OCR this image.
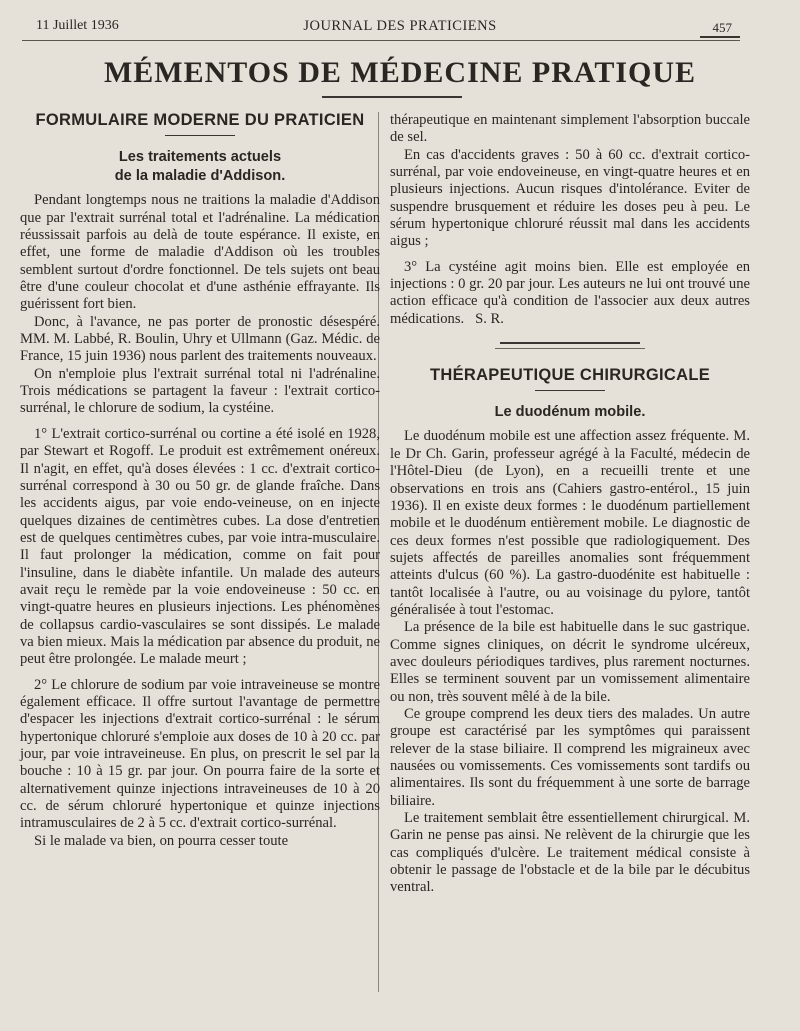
11 Juillet 1936	JOURNAL DES PRATICIENS	457
MÉMENTOS DE MÉDECINE PRATIQUE
FORMULAIRE MODERNE DU PRATICIEN
Les traitements actuels
de la maladie d'Addison.

Pendant longtemps nous ne traitions la maladie d'Addison que par l'extrait surrénal total et l'adrénaline. La médication réussissait parfois au delà de toute espérance. Il existe, en effet, une forme de maladie d'Addison où les troubles semblent surtout d'ordre fonctionnel. De tels sujets ont beau être d'une couleur chocolat et d'une asthénie effrayante. Ils guérissent fort bien.

Donc, à l'avance, ne pas porter de pronostic désespéré. MM. M. Labbé, R. Boulin, Uhry et Ullmann (Gaz. Médic. de France, 15 juin 1936) nous parlent des traitements nouveaux.

On n'emploie plus l'extrait surrénal total ni l'adrénaline. Trois médications se partagent la faveur : l'extrait cortico-surrénal, le chlorure de sodium, la cystéine.

1° L'extrait cortico-surrénal ou cortine a été isolé en 1928, par Stewart et Rogoff. Le produit est extrêmement onéreux. Il n'agit, en effet, qu'à doses élevées : 1 cc. d'extrait cortico-surrénal correspond à 30 ou 50 gr. de glande fraîche. Dans les accidents aigus, par voie endo-veineuse, on en injecte quelques dizaines de centimètres cubes. La dose d'entretien est de quelques centimètres cubes, par voie intra-musculaire. Il faut prolonger la médication, comme on fait pour l'insuline, dans le diabète infantile. Un malade des auteurs avait reçu le remède par la voie endoveineuse : 50 cc. en vingt-quatre heures en plusieurs injections. Les phénomènes de collapsus cardio-vasculaires se sont dissipés. Le malade va bien mieux. Mais la médication par absence du produit, ne peut être prolongée. Le malade meurt ;

2° Le chlorure de sodium par voie intraveineuse se montre également efficace. Il offre surtout l'avantage de permettre d'espacer les injections d'extrait cortico-surrénal : le sérum hypertonique chloruré s'emploie aux doses de 10 à 20 cc. par jour, par voie intraveineuse. En plus, on prescrit le sel par la bouche : 10 à 15 gr. par jour. On pourra faire de la sorte et alternativement quinze injections intraveineuses de 10 à 20 cc. de sérum chloruré hypertonique et quinze injections intramusculaires de 2 à 5 cc. d'extrait cortico-surrénal.

Si le malade va bien, on pourra cesser toute

thérapeutique en maintenant simplement l'absorption buccale de sel.

En cas d'accidents graves : 50 à 60 cc. d'extrait cortico-surrénal, par voie endoveineuse, en vingt-quatre heures et en plusieurs injections. Aucun risques d'intolérance. Eviter de suspendre brusquement et réduire les doses peu à peu. Le sérum hypertonique chloruré réussit mal dans les accidents aigus ;

3° La cystéine agit moins bien. Elle est employée en injections : 0 gr. 20 par jour. Les auteurs ne lui ont trouvé une action efficace qu'à condition de l'associer aux deux autres médications. S. R.

THÉRAPEUTIQUE CHIRURGICALE
Le duodénum mobile.

Le duodénum mobile est une affection assez fréquente. M. le Dr Ch. Garin, professeur agrégé à la Faculté, médecin de l'Hôtel-Dieu (de Lyon), en a recueilli trente et une observations en trois ans (Cahiers gastro-entérol., 15 juin 1936). Il en existe deux formes : le duodénum partiellement mobile et le duodénum entièrement mobile. Le diagnostic de ces deux formes n'est possible que radiologiquement. Des sujets affectés de pareilles anomalies sont fréquemment atteints d'ulcus (60 %). La gastro-duodénite est habituelle : tantôt localisée à l'autre, ou au voisinage du pylore, tantôt généralisée à tout l'estomac.

La présence de la bile est habituelle dans le suc gastrique. Comme signes cliniques, on décrit le syndrome ulcéreux, avec douleurs périodiques tardives, plus rarement nocturnes. Elles se terminent souvent par un vomissement alimentaire ou non, très souvent mêlé à de la bile.

Ce groupe comprend les deux tiers des malades. Un autre groupe est caractérisé par les symptômes qui paraissent relever de la stase biliaire. Il comprend les migraineux avec nausées ou vomissements. Ces vomissements sont tardifs ou alimentaires. Ils sont du fréquemment à une sorte de barrage biliaire.

Le traitement semblait être essentiellement chirurgical. M. Garin ne pense pas ainsi. Ne relèvent de la chirurgie que les cas compliqués d'ulcère. Le traitement médical consiste à obtenir le passage de l'obstacle et de la bile par le décubitus ventral.
